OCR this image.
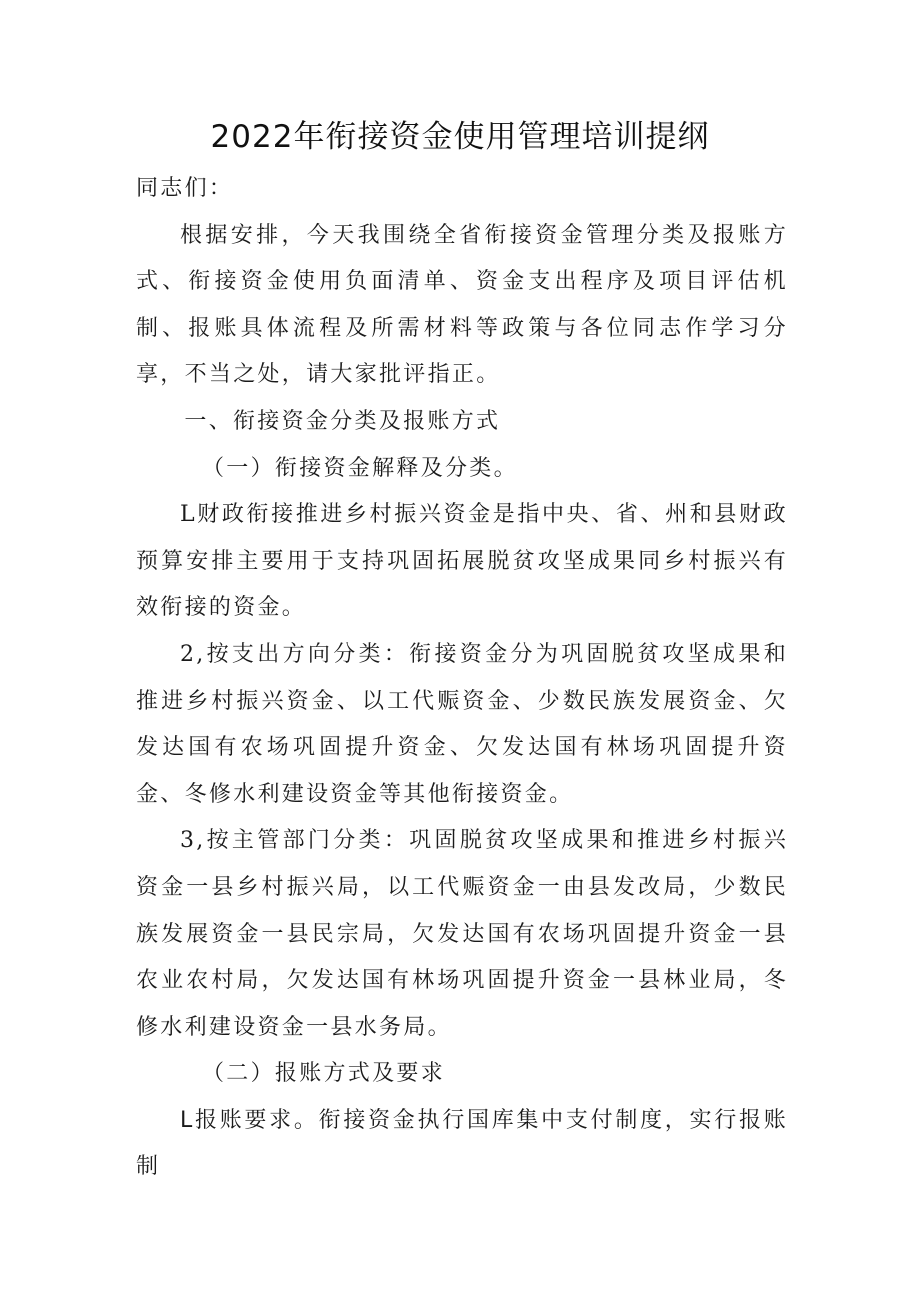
2022年衔接资金使用管理培训提纲

同志们：

根据安排，今天我围绕全省衔接资金管理分类及报账方式、衔接资金使用负面清单、资金支出程序及项目评估机制、报账具体流程及所需材料等政策与各位同志作学习分享，不当之处，请大家批评指正。

一、衔接资金分类及报账方式

（一）衔接资金解释及分类。

L财政衔接推进乡村振兴资金是指中央、省、州和县财政预算安排主要用于支持巩固拓展脱贫攻坚成果同乡村振兴有效衔接的资金。

2,按支出方向分类：衔接资金分为巩固脱贫攻坚成果和推进乡村振兴资金、以工代赈资金、少数民族发展资金、欠发达国有农场巩固提升资金、欠发达国有林场巩固提升资金、冬修水利建设资金等其他衔接资金。

3,按主管部门分类：巩固脱贫攻坚成果和推进乡村振兴资金一县乡村振兴局，以工代赈资金一由县发改局，少数民族发展资金一县民宗局，欠发达国有农场巩固提升资金一县农业农村局，欠发达国有林场巩固提升资金一县林业局，冬修水利建设资金一县水务局。

（二）报账方式及要求

L报账要求。衔接资金执行国库集中支付制度，实行报账制
